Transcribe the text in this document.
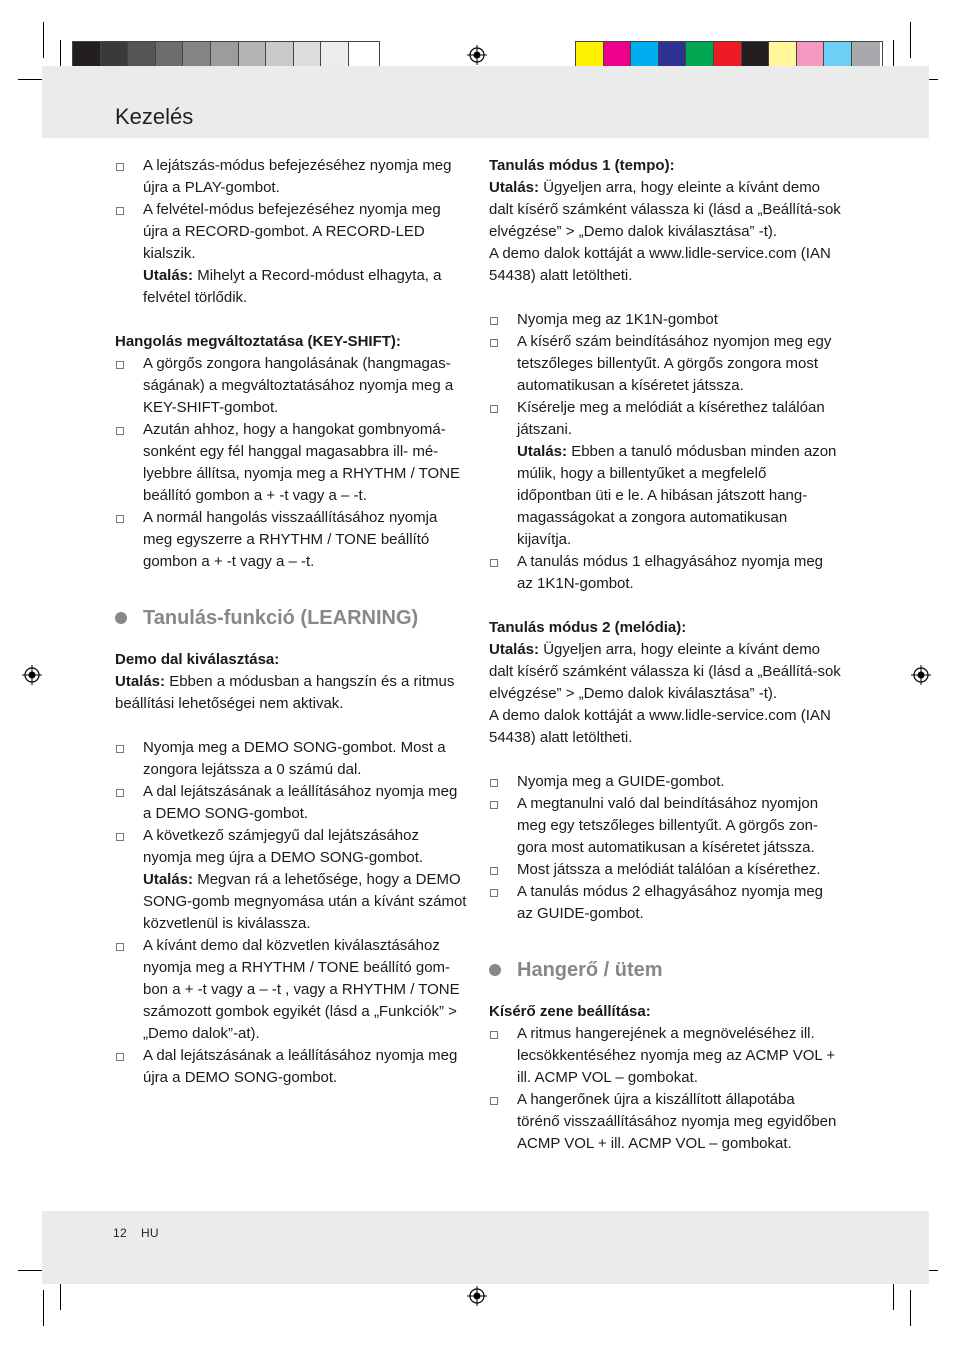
Kezelés
A lejátszás-módus befejezéséhez nyomja meg újra a PLAY-gombot.
A felvétel-módus befejezéséhez nyomja meg újra a RECORD-gombot. A RECORD-LED kialszik.
Utalás: Mihelyt a Record-módust elhagyta, a felvétel törlődik.
Hangolás megváltoztatása (KEY-SHIFT):
A görgős zongora hangolásának (hangmagas-ságának) a megváltoztatásához nyomja meg a KEY-SHIFT-gombot.
Azután ahhoz, hogy a hangokat gombnyomá-sonként egy fél hanggal magasabbra ill- mé-lyebbre állítsa, nyomja meg a RHYTHM / TONE beállító gombon a + -t vagy a – -t.
A normál hangolás visszaállításához nyomja meg egyszerre a RHYTHM / TONE beállító gombon a + -t vagy a – -t.
Tanulás-funkció (LEARNING)
Demo dal kiválasztása:
Utalás: Ebben a módusban a hangszín és a ritmus beállítási lehetőségei nem aktivak.
Nyomja meg a DEMO SONG-gombot. Most a zongora lejátssza a 0 számú dal.
A dal lejátszásának a leállításához nyomja meg a DEMO SONG-gombot.
A következő számjegyű dal lejátszásához nyomja meg újra a DEMO SONG-gombot.
Utalás: Megvan rá a lehetősége, hogy a DEMO SONG-gomb megnyomása után a kívánt számot közvetlenül is kiválassza.
A kívánt demo dal közvetlen kiválasztásához nyomja meg a RHYTHM / TONE beállító gom-bon a + -t vagy a – -t , vagy a RHYTHM / TONE számozott gombok egyikét (lásd a „Funkciók” > „Demo dalok”-at).
A dal lejátszásának a leállításához nyomja meg újra a DEMO SONG-gombot.
Tanulás módus 1 (tempo):
Utalás: Ügyeljen arra, hogy eleinte a kívánt demo dalt kísérő számként válassza ki (lásd a „Beállítá-sok elvégzése” > „Demo dalok kiválasztása” -t).
A demo dalok kottáját a www.lidle-service.com (IAN 54438) alatt letöltheti.
Nyomja meg az 1K1N-gombot
A kísérő szám beindításához nyomjon meg egy tetszőleges billentyűt. A görgős zongora most automatikusan a kíséretet játssza.
Kísérelje meg a melódiát a kísérethez találóan játszani.
Utalás: Ebben a tanuló módusban minden azon múlik, hogy a billentyűket a megfelelő időpontban üti e le. A hibásan játszott hang-magasságokat a zongora automatikusan kijavítja.
A tanulás módus 1 elhagyásához nyomja meg az 1K1N-gombot.
Tanulás módus 2 (melódia):
Utalás: Ügyeljen arra, hogy eleinte a kívánt demo dalt kísérő számként válassza ki (lásd a „Beállítá-sok elvégzése” > „Demo dalok kiválasztása” -t).
A demo dalok kottáját a www.lidle-service.com (IAN 54438) alatt letöltheti.
Nyomja meg a GUIDE-gombot.
A megtanulni való dal beindításához nyomjon meg egy tetszőleges billentyűt. A görgős zon-gora most automatikusan a kíséretet játssza.
Most játssza a melódiát találóan a kísérethez.
A tanulás módus 2 elhagyásához nyomja meg az GUIDE-gombot.
Hangerő / ütem
Kísérő zene beállítása:
A ritmus hangerejének a megnöveléséhez ill. lecsökkentéséhez nyomja meg az ACMP VOL + ill. ACMP VOL – gombokat.
A hangerőnek újra a kiszállított állapotába törénő visszaállításához nyomja meg egyidőben ACMP VOL + ill. ACMP VOL – gombokat.
12 HU
